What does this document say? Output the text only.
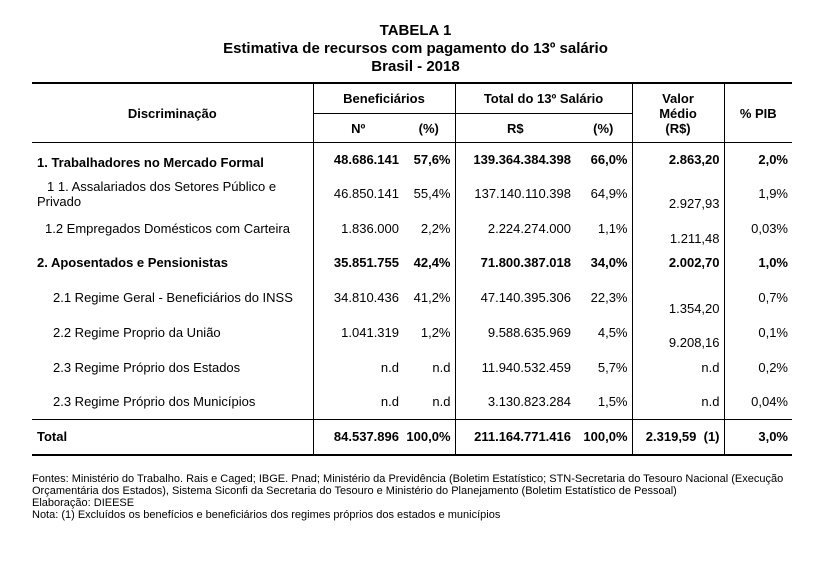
TABELA 1
Estimativa de recursos com pagamento do 13º salário
Brasil - 2018
Discriminação	Beneficiários		Total do 13º Salário		Valor Médio (R$)	% PIB
	Nº	(%)	R$	(%)		
1. Trabalhadores no Mercado Formal	48.686.141	57,6%	139.364.384.398	66,0%	2.863,20	2,0%
1 1. Assalariados dos Setores Público e Privado	46.850.141	55,4%	137.140.110.398	64,9%	2.927,93	1,9%
1.2 Empregados Domésticos com Carteira	1.836.000	2,2%	2.224.274.000	1,1%	1.211,48	0,03%
2. Aposentados e Pensionistas	35.851.755	42,4%	71.800.387.018	34,0%	2.002,70	1,0%
2.1 Regime Geral - Beneficiários do INSS	34.810.436	41,2%	47.140.395.306	22,3%	1.354,20	0,7%
2.2 Regime Proprio da União	1.041.319	1,2%	9.588.635.969	4,5%	9.208,16	0,1%
2.3 Regime Próprio dos Estados	n.d	n.d	11.940.532.459	5,7%	n.d	0,2%
2.3 Regime Próprio dos Municípios	n.d	n.d	3.130.823.284	1,5%	n.d	0,04%
Total	84.537.896	100,0%	211.164.771.416	100,0%	2.319,59  (1)	3,0%
Fontes: Ministério do Trabalho. Rais e Caged; IBGE. Pnad; Ministério da Previdência (Boletim Estatístico; STN-Secretaria do Tesouro Nacional (Execução Orçamentária dos Estados), Sistema Siconfi da Secretaria do Tesouro e Ministério do Planejamento (Boletim Estatístico de Pessoal)
Elaboração: DIEESE
Nota: (1) Excluídos os benefícios e beneficiários dos regimes próprios dos estados e municípios
